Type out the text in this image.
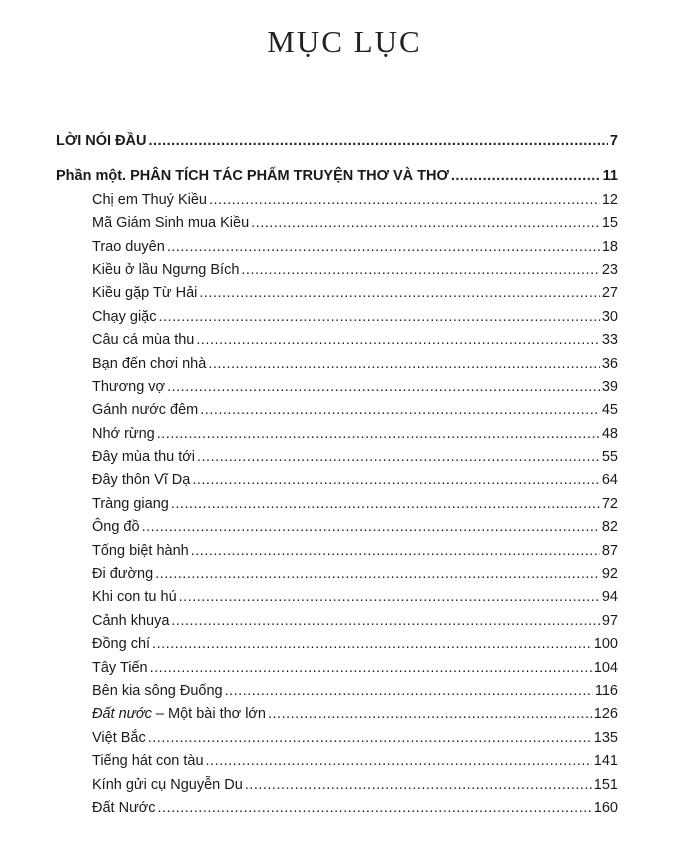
MỤC LỤC
LỜI NÓI ĐẦU .....	7
Phần một. PHÂN TÍCH TÁC PHẨM TRUYỆN THƠ VÀ THƠ .....	11
Chị em Thuý Kiều .....	12
Mã Giám Sinh mua Kiều .....	15
Trao duyên .....	18
Kiều ở lầu Ngưng Bích .....	23
Kiều gặp Từ Hải .....	27
Chạy giặc .....	30
Câu cá mùa thu .....	33
Bạn đến chơi nhà .....	36
Thương vợ .....	39
Gánh nước đêm .....	45
Nhớ rừng .....	48
Đây mùa thu tới .....	55
Đây thôn Vĩ Dạ .....	64
Tràng giang .....	72
Ông đồ .....	82
Tống biệt hành .....	87
Đi đường .....	92
Khi con tu hú .....	94
Cảnh khuya .....	97
Đồng chí .....	100
Tây Tiến .....	104
Bên kia sông Đuống .....	116
Đất nước – Một bài thơ lớn .....	126
Việt Bắc .....	135
Tiếng hát con tàu .....	141
Kính gửi cụ Nguyễn Du .....	151
Đất Nước .....	160
